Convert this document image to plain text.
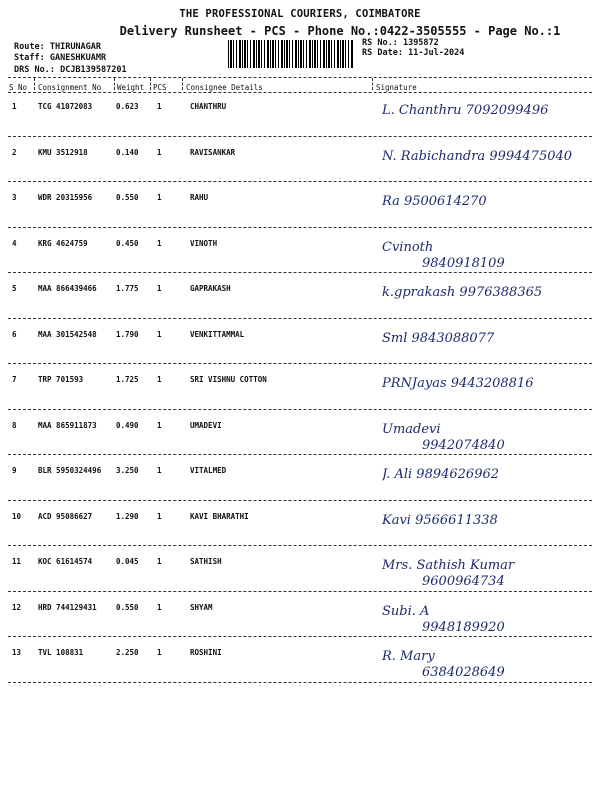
THE PROFESSIONAL COURIERS, COIMBATORE
Delivery Runsheet - PCS - Phone No.:0422-3505555 - Page No.:1
Route: THIRUNAGAR
Staff: GANESHKUAMR
DRS No.: DCJB139587201
RS No.: 1395872
RS Date: 11-Jul-2024
S No Consignment No Weight PCS	Consignee Details	Signature
1	TCG 41072083	0.623 1	CHANTHRU	L. Chanthru 7092099496
2	KMU 3512918	0.140 1	RAVISANKAR	N. Rabichandra 9994475040
3	WDR 20315956	0.550 1	RAHU	Ra 9500614270
4	KRG 4624759	0.450 1	VINOTH	Cvinoth
9840918109
5	MAA 866439466	1.775 1	GAPRAKASH	k.gprakash 9976388365
6	MAA 301542548	1.790 1	VENKITTAMMAL	Sml 9843088077
7	TRP 701593	1.725 1	SRI VISHNU COTTON	PRNJayas 9443208816
8	MAA 865911873	0.490 1	UMADEVI	Umadevi
9942074840
9	BLR 5950324496 3.250 1	VITALMED	J. Ali 9894626962
10 ACD 95086627	1.290 1	KAVI BHARATHI	Kavi 9566611338
11 KOC 61614574	0.045 1	SATHISH	Mrs. Sathish Kumar
9600964734
12 HRD 744129431	0.550 1	SHYAM	Subi. A
9948189920
13 TVL 108831	2.250 1	ROSHINI	R. Mary
6384028649
